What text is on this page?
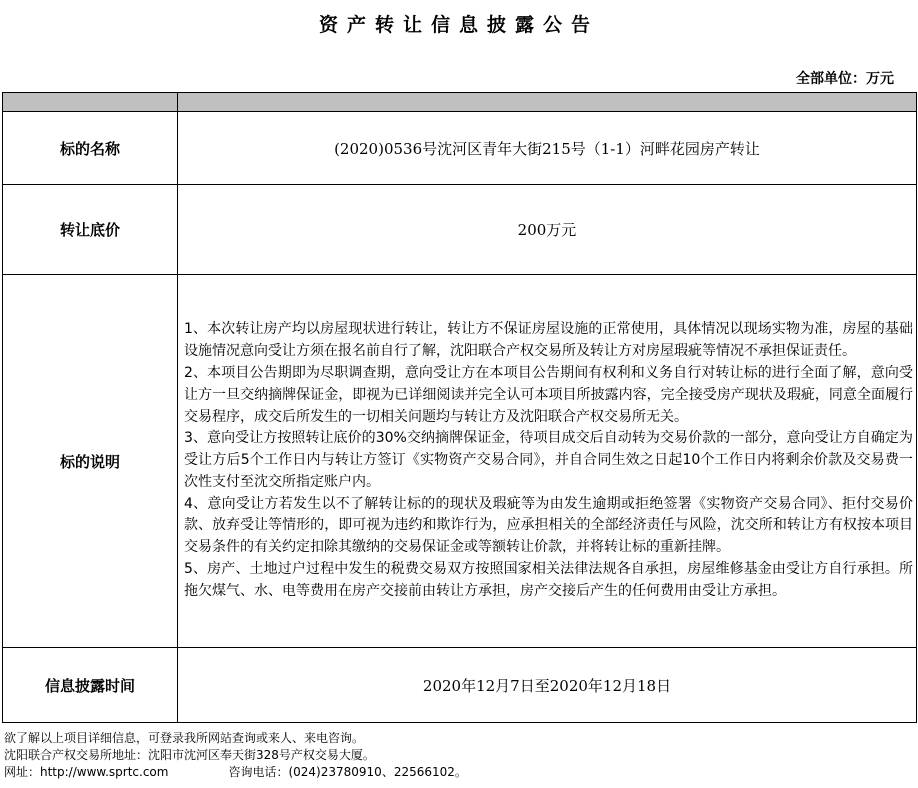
资产转让信息披露公告
全部单位：万元

标的名称	(2020)0536号沈河区青年大街215号（1-1）河畔花园房产转让
转让底价	200万元
标的说明	1、本次转让房产均以房屋现状进行转让，转让方不保证房屋设施的正常使用，具体情况以现场实物为准，房屋的基础设施情况意向受让方须在报名前自行了解，沈阳联合产权交易所及转让方对房屋瑕疵等情况不承担保证责任。

2、本项目公告期即为尽职调查期，意向受让方在本项目公告期间有权利和义务自行对转让标的进行全面了解，意向受让方一旦交纳摘牌保证金，即视为已详细阅读并完全认可本项目所披露内容，完全接受房产现状及瑕疵，同意全面履行交易程序，成交后所发生的一切相关问题均与转让方及沈阳联合产权交易所无关。

3、意向受让方按照转让底价的30%交纳摘牌保证金，待项目成交后自动转为交易价款的一部分，意向受让方自确定为受让方后5个工作日内与转让方签订《实物资产交易合同》，并自合同生效之日起10个工作日内将剩余价款及交易费一次性支付至沈交所指定账户内。

4、意向受让方若发生以不了解转让标的的现状及瑕疵等为由发生逾期或拒绝签署《实物资产交易合同》、拒付交易价款、放弃受让等情形的，即可视为违约和欺诈行为，应承担相关的全部经济责任与风险，沈交所和转让方有权按本项目交易条件的有关约定扣除其缴纳的交易保证金或等额转让价款，并将转让标的重新挂牌。

5、房产、土地过户过程中发生的税费交易双方按照国家相关法律法规各自承担，房屋维修基金由受让方自行承担。所拖欠煤气、水、电等费用在房产交接前由转让方承担，房产交接后产生的任何费用由受让方承担。

信息披露时间	2020年12月7日至2020年12月18日
欲了解以上项目详细信息，可登录我所网站查询或来人、来电咨询。
沈阳联合产权交易所地址：沈阳市沈河区奉天街328号产权交易大厦。
网址：http://www.sprtc.com	咨询电话：(024)23780910、22566102。
